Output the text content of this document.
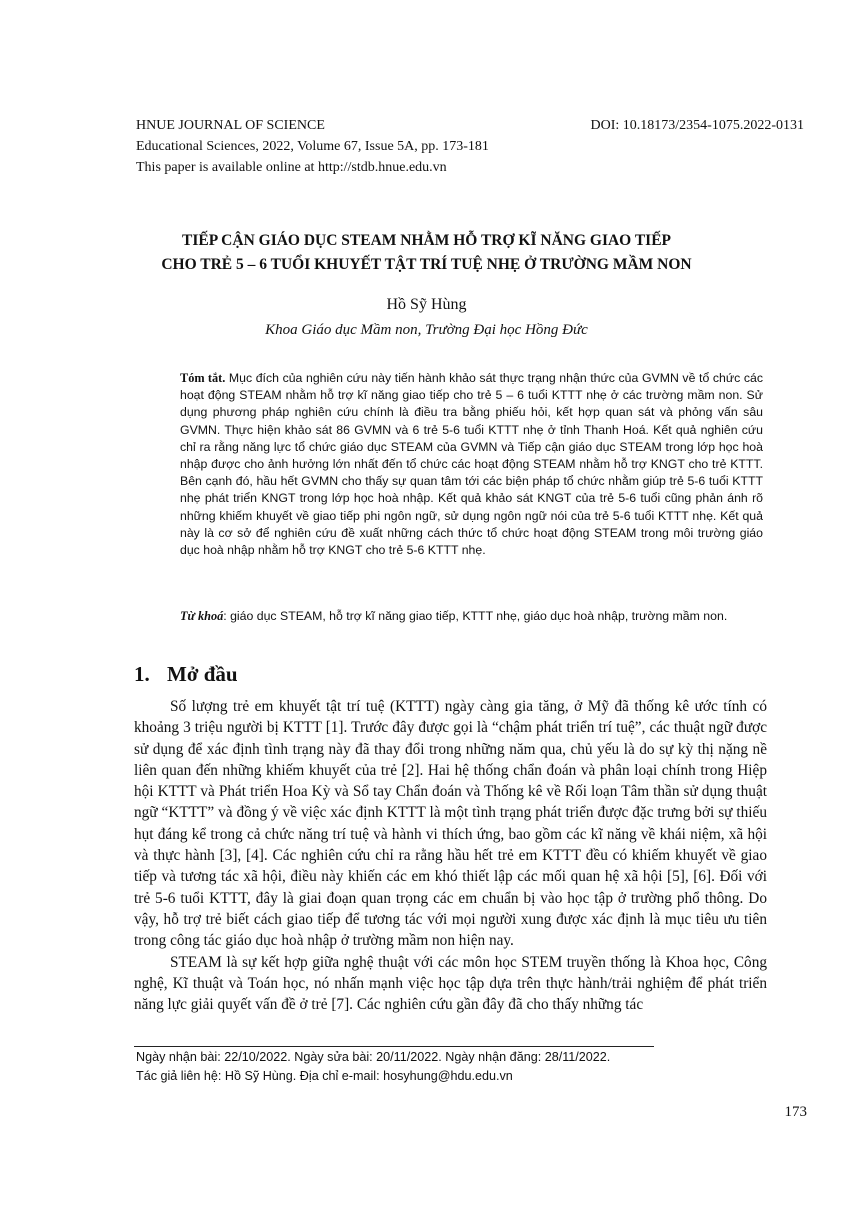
HNUE JOURNAL OF SCIENCE	DOI: 10.18173/2354-1075.2022-0131
Educational Sciences, 2022, Volume 67, Issue 5A, pp. 173-181
This paper is available online at http://stdb.hnue.edu.vn
TIẾP CẬN GIÁO DỤC STEAM NHẰM HỖ TRỢ KĨ NĂNG GIAO TIẾP
CHO TRẺ 5 – 6 TUỔI KHUYẾT TẬT TRÍ TUỆ NHẸ Ở TRƯỜNG MẦM NON
Hồ Sỹ Hùng
Khoa Giáo dục Mầm non, Trường Đại học Hồng Đức

Tóm tắt. Mục đích của nghiên cứu này tiến hành khảo sát thực trạng nhận thức của GVMN về tổ chức các hoạt động STEAM nhằm hỗ trợ kĩ năng giao tiếp cho trẻ 5 – 6 tuổi KTTT nhẹ ở các trường mầm non. Sử dụng phương pháp nghiên cứu chính là điều tra bằng phiếu hỏi, kết hợp quan sát và phỏng vấn sâu GVMN. Thực hiện khảo sát 86 GVMN và 6 trẻ 5-6 tuổi KTTT nhẹ ở tỉnh Thanh Hoá. Kết quả nghiên cứu chỉ ra rằng năng lực tổ chức giáo dục STEAM của GVMN và Tiếp cận giáo dục STEAM trong lớp học hoà nhập được cho ảnh hưởng lớn nhất đến tổ chức các hoạt động STEAM nhằm hỗ trợ KNGT cho trẻ KTTT. Bên cạnh đó, hầu hết GVMN cho thấy sự quan tâm tới các biện pháp tổ chức nhằm giúp trẻ 5-6 tuổi KTTT nhẹ phát triển KNGT trong lớp học hoà nhập. Kết quả khảo sát KNGT của trẻ 5-6 tuổi cũng phản ánh rõ những khiếm khuyết về giao tiếp phi ngôn ngữ, sử dụng ngôn ngữ nói của trẻ 5-6 tuổi KTTT nhẹ. Kết quả này là cơ sở để nghiên cứu đề xuất những cách thức tổ chức hoạt động STEAM trong môi trường giáo dục hoà nhập nhằm hỗ trợ KNGT cho trẻ 5-6 KTTT nhẹ.

Từ khoá: giáo dục STEAM, hỗ trợ kĩ năng giao tiếp, KTTT nhẹ, giáo dục hoà nhập, trường mầm non.
1. Mở đầu

Số lượng trẻ em khuyết tật trí tuệ (KTTT) ngày càng gia tăng, ở Mỹ đã thống kê ước tính có khoảng 3 triệu người bị KTTT [1]. Trước đây được gọi là “chậm phát triển trí tuệ”, các thuật ngữ được sử dụng để xác định tình trạng này đã thay đổi trong những năm qua, chủ yếu là do sự kỳ thị nặng nề liên quan đến những khiếm khuyết của trẻ [2]. Hai hệ thống chẩn đoán và phân loại chính trong Hiệp hội KTTT và Phát triển Hoa Kỳ và Sổ tay Chẩn đoán và Thống kê về Rối loạn Tâm thần sử dụng thuật ngữ “KTTT” và đồng ý về việc xác định KTTT là một tình trạng phát triển được đặc trưng bởi sự thiếu hụt đáng kể trong cả chức năng trí tuệ và hành vi thích ứng, bao gồm các kĩ năng về khái niệm, xã hội và thực hành [3], [4]. Các nghiên cứu chỉ ra rằng hầu hết trẻ em KTTT đều có khiếm khuyết về giao tiếp và tương tác xã hội, điều này khiến các em khó thiết lập các mối quan hệ xã hội [5], [6]. Đối với trẻ 5-6 tuổi KTTT, đây là giai đoạn quan trọng các em chuẩn bị vào học tập ở trường phổ thông. Do vậy, hỗ trợ trẻ biết cách giao tiếp để tương tác với mọi người xung được xác định là mục tiêu ưu tiên trong công tác giáo dục hoà nhập ở trường mầm non hiện nay.

STEAM là sự kết hợp giữa nghệ thuật với các môn học STEM truyền thống là Khoa học, Công nghệ, Kĩ thuật và Toán học, nó nhấn mạnh việc học tập dựa trên thực hành/trải nghiệm để phát triển năng lực giải quyết vấn đề ở trẻ [7]. Các nghiên cứu gần đây đã cho thấy những tác

Ngày nhận bài: 22/10/2022. Ngày sửa bài: 20/11/2022. Ngày nhận đăng: 28/11/2022.
Tác giả liên hệ: Hồ Sỹ Hùng. Địa chỉ e-mail: hosyhung@hdu.edu.vn
173
